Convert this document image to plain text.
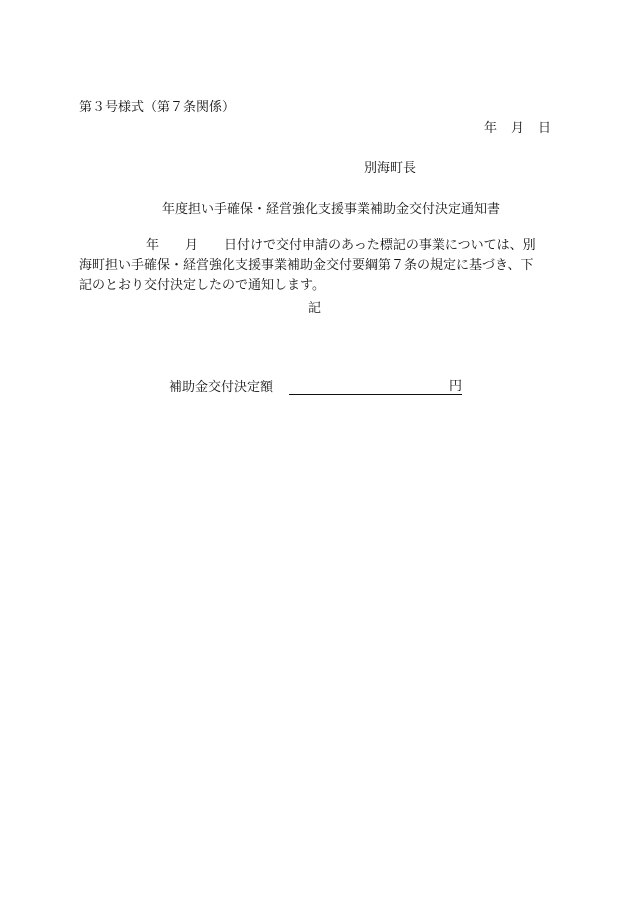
第３号様式（第７条関係）
年 月 日
別海町長
年度担い手確保・経営強化支援事業補助金交付決定通知書
年 月 日付けで交付申請のあった標記の事業については、別
海町担い手確保・経営強化支援事業補助金交付要綱第７条の規定に基づき、下
記のとおり交付決定したので通知します。
記
補助金交付決定額	円
